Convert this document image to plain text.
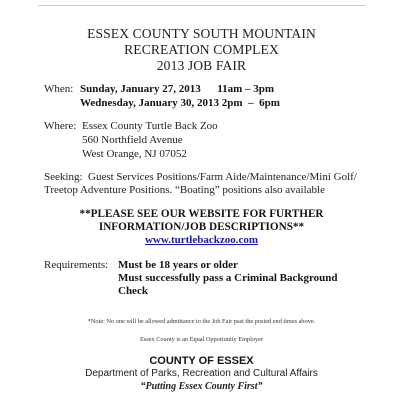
ESSEX COUNTY SOUTH MOUNTAIN
RECREATION COMPLEX
2013 JOB FAIR
When: Sunday, January 27, 2013      11am – 3pm
Wednesday, January 30, 2013 2pm  –  6pm
Where: Essex County Turtle Back Zoo
560 Northfield Avenue
West Orange, NJ 07052
Seeking:  Guest Services Positions/Farm Aide/Maintenance/Mini Golf/
Treetop Adventure Positions. “Boating” positions also available
**PLEASE SEE OUR WEBSITE FOR FURTHER
INFORMATION/JOB DESCRIPTIONS**
www.turtlebackzoo.com
Requirements: Must be 18 years or older
Must successfully pass a Criminal Background
Check
*Note: No one will be allowed admittance to the Job Fair past the posted end times above.
Essex County is an Equal Opportunity Employer
COUNTY OF ESSEX
Department of Parks, Recreation and Cultural Affairs
“Putting Essex County First”
